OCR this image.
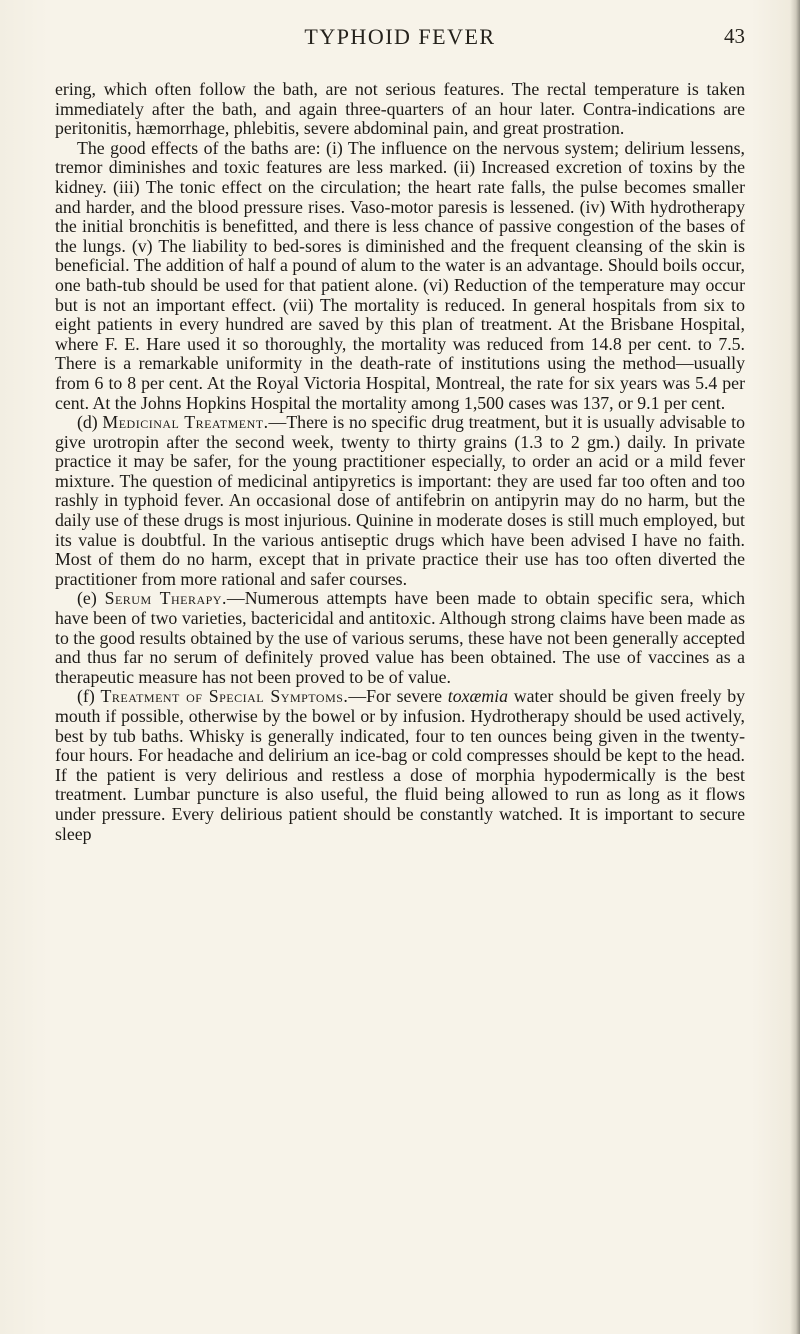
TYPHOID FEVER	43

ering, which often follow the bath, are not serious features. The rectal temperature is taken immediately after the bath, and again three-quarters of an hour later. Contra-indications are peritonitis, hæmorrhage, phlebitis, severe abdominal pain, and great prostration.

The good effects of the baths are: (i) The influence on the nervous system; delirium lessens, tremor diminishes and toxic features are less marked. (ii) Increased excretion of toxins by the kidney. (iii) The tonic effect on the circulation; the heart rate falls, the pulse becomes smaller and harder, and the blood pressure rises. Vaso-motor paresis is lessened. (iv) With hydrotherapy the initial bronchitis is benefitted, and there is less chance of passive congestion of the bases of the lungs. (v) The liability to bed-sores is diminished and the frequent cleansing of the skin is beneficial. The addition of half a pound of alum to the water is an advantage. Should boils occur, one bath-tub should be used for that patient alone. (vi) Reduction of the temperature may occur but is not an important effect. (vii) The mortality is reduced. In general hospitals from six to eight patients in every hundred are saved by this plan of treatment. At the Brisbane Hospital, where F. E. Hare used it so thoroughly, the mortality was reduced from 14.8 per cent. to 7.5. There is a remarkable uniformity in the death-rate of institutions using the method—usually from 6 to 8 per cent. At the Royal Victoria Hospital, Montreal, the rate for six years was 5.4 per cent. At the Johns Hopkins Hospital the mortality among 1,500 cases was 137, or 9.1 per cent.

(d) Medicinal Treatment.—There is no specific drug treatment, but it is usually advisable to give urotropin after the second week, twenty to thirty grains (1.3 to 2 gm.) daily. In private practice it may be safer, for the young practitioner especially, to order an acid or a mild fever mixture. The question of medicinal antipyretics is important: they are used far too often and too rashly in typhoid fever. An occasional dose of antifebrin on antipyrin may do no harm, but the daily use of these drugs is most injurious. Quinine in moderate doses is still much employed, but its value is doubtful. In the various antiseptic drugs which have been advised I have no faith. Most of them do no harm, except that in private practice their use has too often diverted the practitioner from more rational and safer courses.

(e) Serum Therapy.—Numerous attempts have been made to obtain specific sera, which have been of two varieties, bactericidal and antitoxic. Although strong claims have been made as to the good results obtained by the use of various serums, these have not been generally accepted and thus far no serum of definitely proved value has been obtained. The use of vaccines as a therapeutic measure has not been proved to be of value.

(f) Treatment of Special Symptoms.—For severe toxæmia water should be given freely by mouth if possible, otherwise by the bowel or by infusion. Hydrotherapy should be used actively, best by tub baths. Whisky is generally indicated, four to ten ounces being given in the twenty-four hours. For headache and delirium an ice-bag or cold compresses should be kept to the head. If the patient is very delirious and restless a dose of morphia hypodermically is the best treatment. Lumbar puncture is also useful, the fluid being allowed to run as long as it flows under pressure. Every delirious patient should be constantly watched. It is important to secure sleep
